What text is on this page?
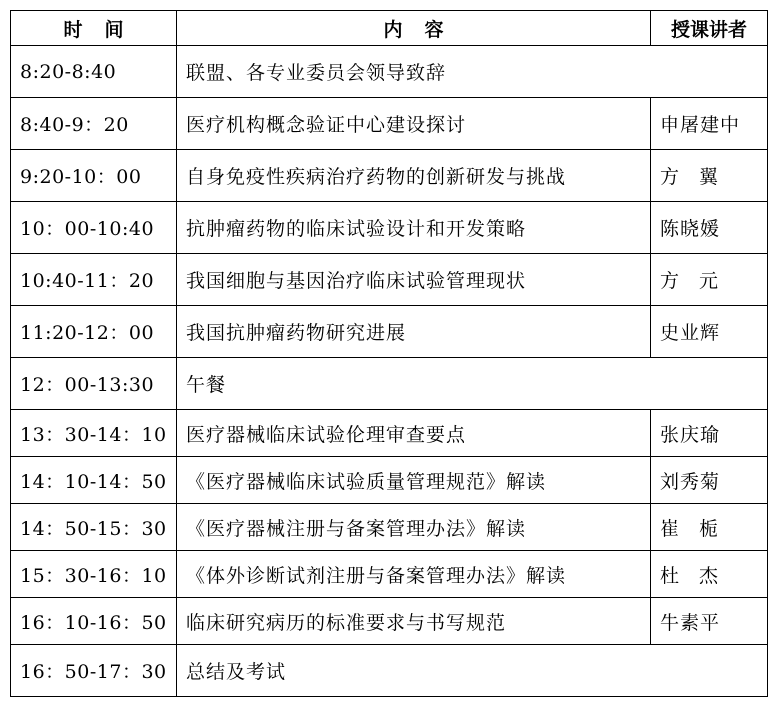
时间	内容	授课讲者
8:20-8:40	联盟、各专业委员会领导致辞	
8:40-9：20	医疗机构概念验证中心建设探讨	申屠建中
9:20-10：00	自身免疫性疾病治疗药物的创新研发与挑战	方翼
10：00-10:40	抗肿瘤药物的临床试验设计和开发策略	陈晓媛
10:40-11：20	我国细胞与基因治疗临床试验管理现状	方元
11:20-12：00	我国抗肿瘤药物研究进展	史业辉
12：00-13:30	午餐	
13：30-14：10	医疗器械临床试验伦理审查要点	张庆瑜
14：10-14：50	《医疗器械临床试验质量管理规范》解读	刘秀菊
14：50-15：30	《医疗器械注册与备案管理办法》解读	崔栀
15：30-16：10	《体外诊断试剂注册与备案管理办法》解读	杜杰
16：10-16：50	临床研究病历的标准要求与书写规范	牛素平
16：50-17：30	总结及考试	
